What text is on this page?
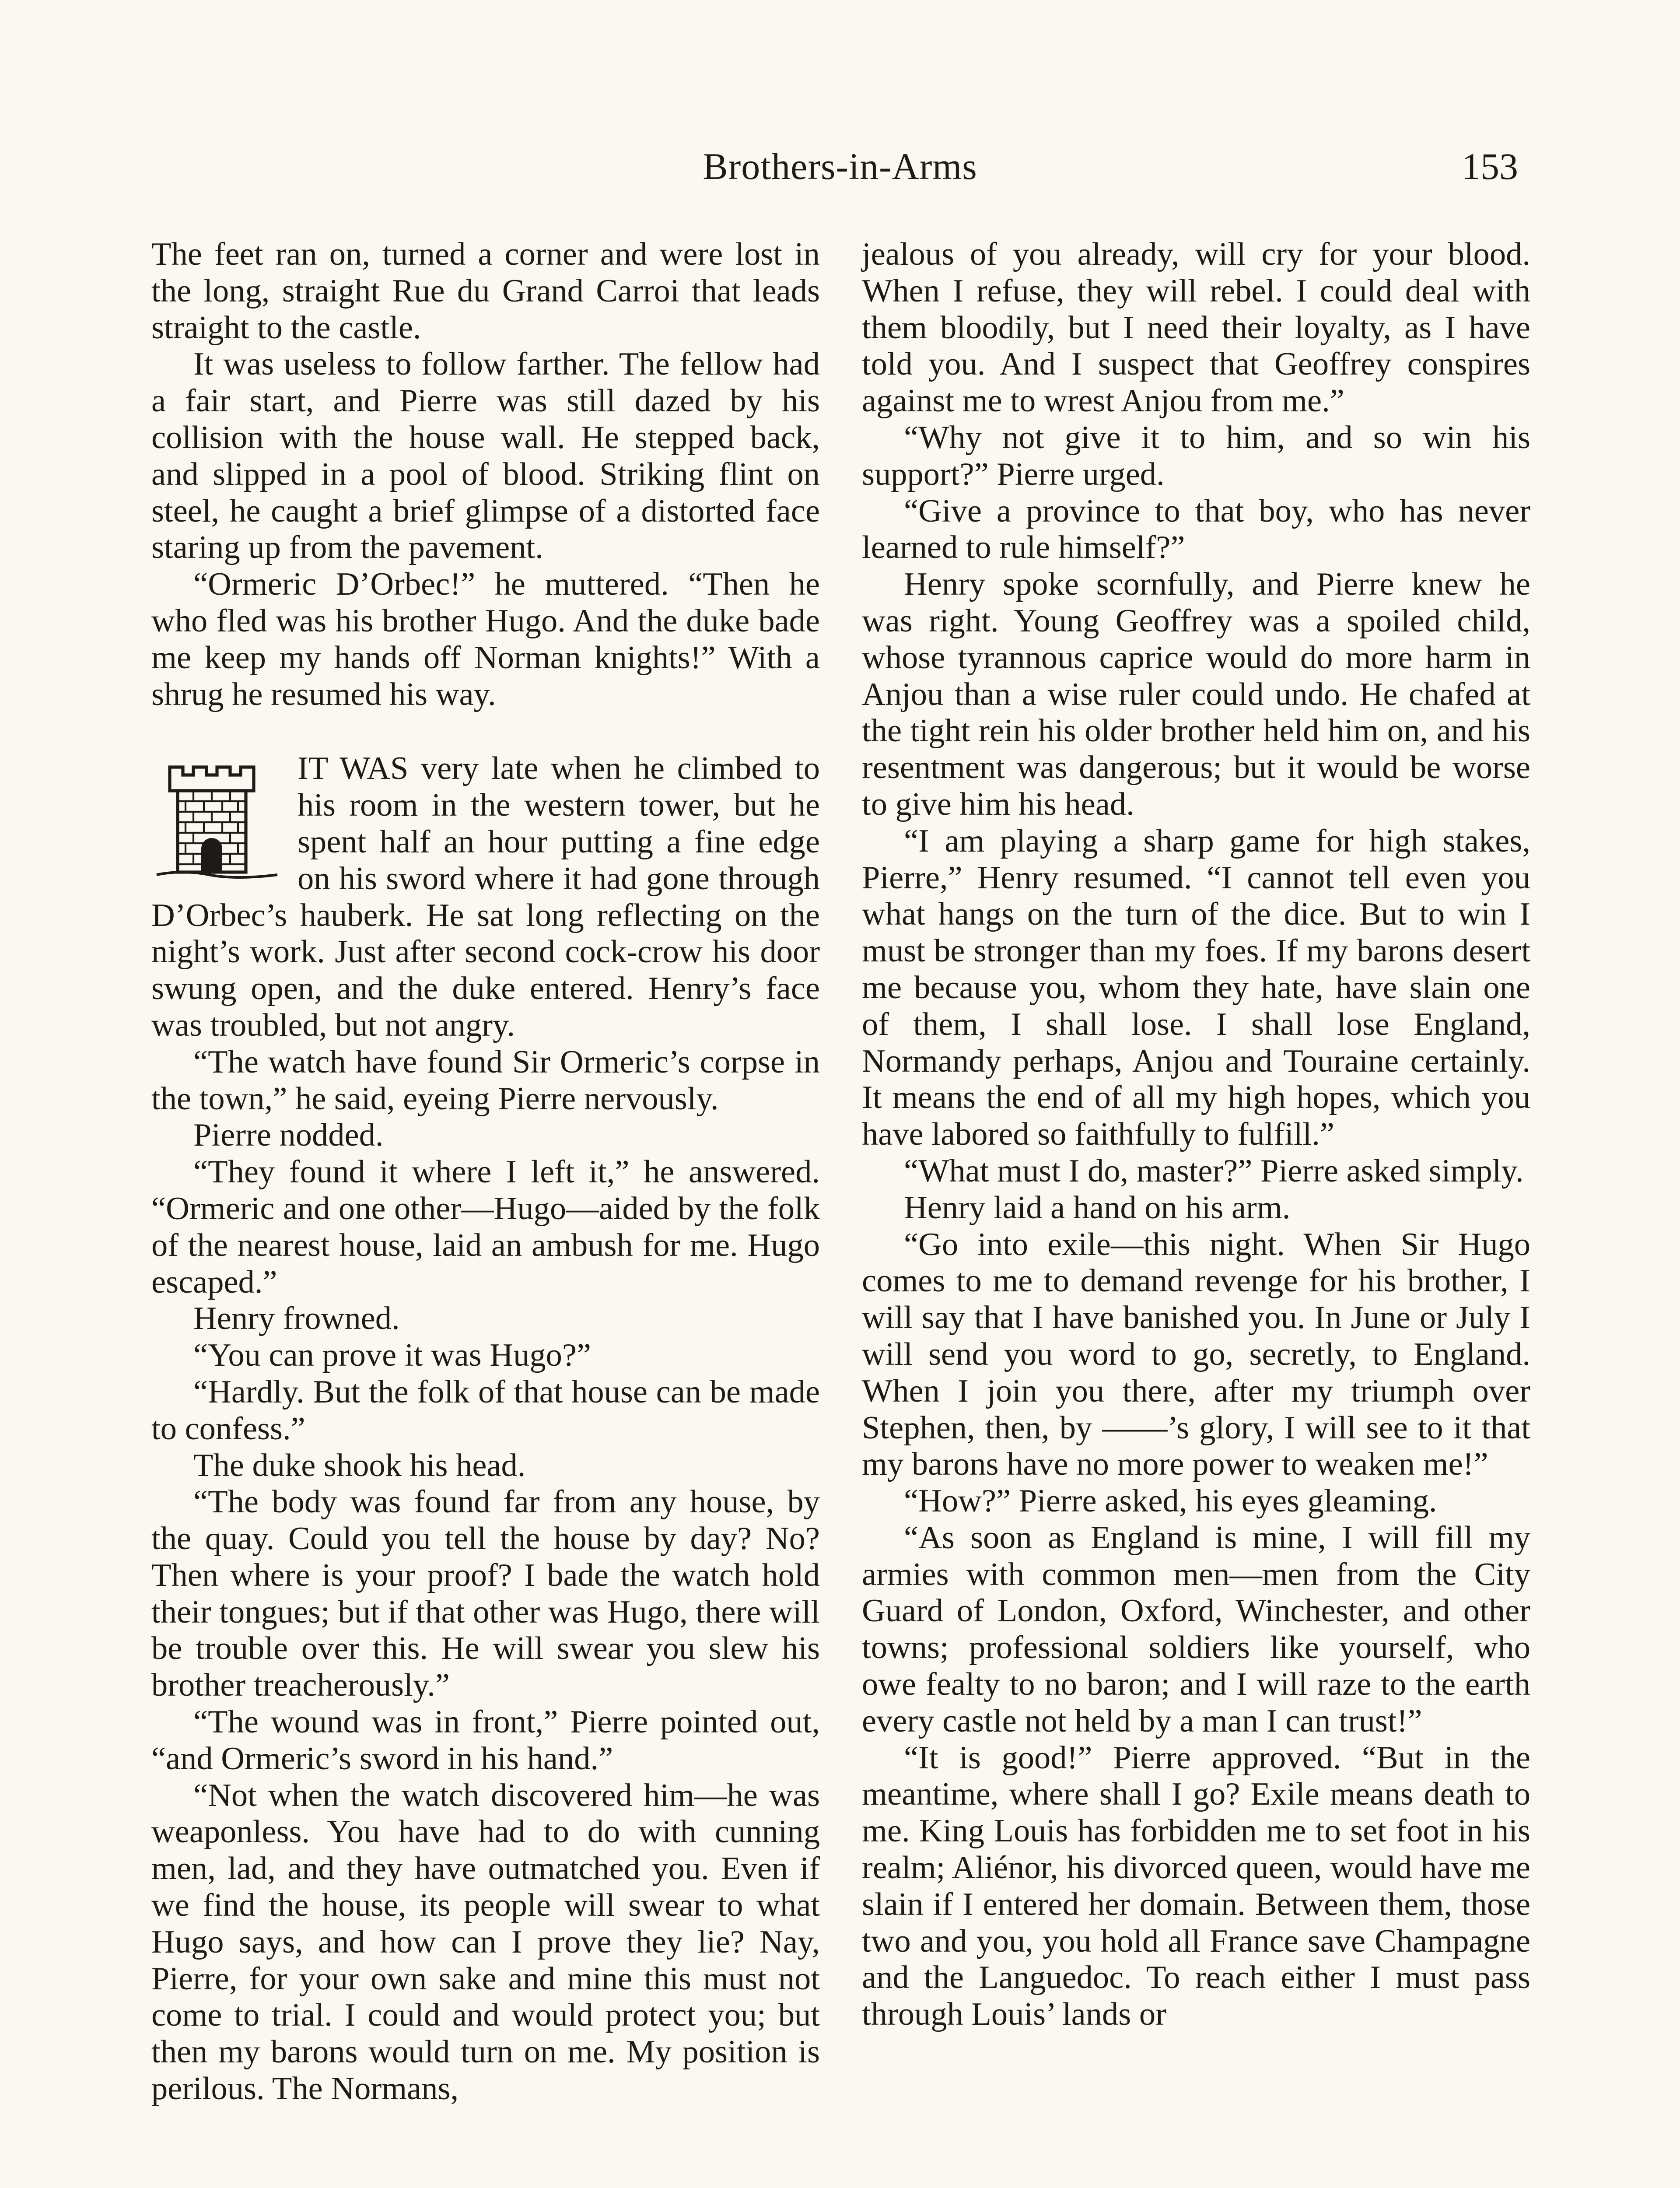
Brothers-in-Arms	153

The feet ran on, turned a corner and were lost in the long, straight Rue du Grand Carroi that leads straight to the castle.

It was useless to follow farther. The fellow had a fair start, and Pierre was still dazed by his collision with the house wall. He stepped back, and slipped in a pool of blood. Striking flint on steel, he caught a brief glimpse of a distorted face staring up from the pavement.

“Ormeric D’Orbec!” he muttered. “Then he who fled was his brother Hugo. And the duke bade me keep my hands off Norman knights!” With a shrug he resumed his way.

IT WAS very late when he climbed to his room in the western tower, but he spent half an hour putting a fine edge on his sword where it had gone through D’Orbec’s hauberk. He sat long reflecting on the night’s work. Just after second cock-crow his door swung open, and the duke entered. Henry’s face was troubled, but not angry.

“The watch have found Sir Ormeric’s corpse in the town,” he said, eyeing Pierre nervously.

Pierre nodded.

“They found it where I left it,” he answered. “Ormeric and one other—Hugo—aided by the folk of the nearest house, laid an ambush for me. Hugo escaped.”

Henry frowned.

“You can prove it was Hugo?”

“Hardly. But the folk of that house can be made to confess.”

The duke shook his head.

“The body was found far from any house, by the quay. Could you tell the house by day? No? Then where is your proof? I bade the watch hold their tongues; but if that other was Hugo, there will be trouble over this. He will swear you slew his brother treacherously.”

“The wound was in front,” Pierre pointed out, “and Ormeric’s sword in his hand.”

“Not when the watch discovered him—he was weaponless. You have had to do with cunning men, lad, and they have outmatched you. Even if we find the house, its people will swear to what Hugo says, and how can I prove they lie? Nay, Pierre, for your own sake and mine this must not come to trial. I could and would protect you; but then my barons would turn on me. My position is perilous. The Normans,

jealous of you already, will cry for your blood. When I refuse, they will rebel. I could deal with them bloodily, but I need their loyalty, as I have told you. And I suspect that Geoffrey conspires against me to wrest Anjou from me.”

“Why not give it to him, and so win his support?” Pierre urged.

“Give a province to that boy, who has never learned to rule himself?”

Henry spoke scornfully, and Pierre knew he was right. Young Geoffrey was a spoiled child, whose tyrannous caprice would do more harm in Anjou than a wise ruler could undo. He chafed at the tight rein his older brother held him on, and his resentment was dangerous; but it would be worse to give him his head.

“I am playing a sharp game for high stakes, Pierre,” Henry resumed. “I cannot tell even you what hangs on the turn of the dice. But to win I must be stronger than my foes. If my barons desert me because you, whom they hate, have slain one of them, I shall lose. I shall lose England, Normandy perhaps, Anjou and Touraine certainly. It means the end of all my high hopes, which you have labored so faithfully to fulfill.”

“What must I do, master?” Pierre asked simply.

Henry laid a hand on his arm.

“Go into exile—this night. When Sir Hugo comes to me to demand revenge for his brother, I will say that I have banished you. In June or July I will send you word to go, secretly, to England. When I join you there, after my triumph over Stephen, then, by ——’s glory, I will see to it that my barons have no more power to weaken me!”

“How?” Pierre asked, his eyes gleaming.

“As soon as England is mine, I will fill my armies with common men—men from the City Guard of London, Oxford, Winchester, and other towns; professional soldiers like yourself, who owe fealty to no baron; and I will raze to the earth every castle not held by a man I can trust!”

“It is good!” Pierre approved. “But in the meantime, where shall I go? Exile means death to me. King Louis has forbidden me to set foot in his realm; Aliénor, his divorced queen, would have me slain if I entered her domain. Between them, those two and you, you hold all France save Champagne and the Languedoc. To reach either I must pass through Louis’ lands or
